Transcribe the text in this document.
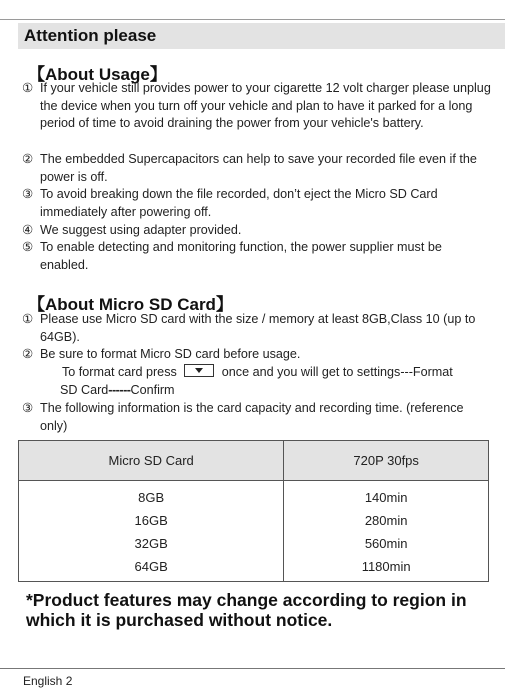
Attention please
【About Usage】
① If your vehicle still provides power to your cigarette 12 volt charger please unplug the device when you turn off your vehicle and plan to have it parked for a long period of time to avoid draining the power from your vehicle's battery.
② The embedded Supercapacitors can help to save your recorded file even if the power is off.
③ To avoid breaking down the file recorded, don’t eject the Micro SD Card immediately after powering off.
④ We suggest using adapter provided.
⑤ To enable detecting and monitoring function, the power supplier must be enabled.
【About Micro SD Card】
① Please use Micro SD card with the size / memory at least 8GB,Class 10 (up to 64GB).
② Be sure to format Micro SD card before usage.
To format card press	once and you will get to settings---Format
SD Card------Confirm
③ The following information is the card capacity and recording time. (reference only)
Micro SD Card	720P 30fps
8GB	140min
16GB	280min
32GB	560min
64GB	1180min
*Product features may change according to region in which it is purchased without notice.
English 2
